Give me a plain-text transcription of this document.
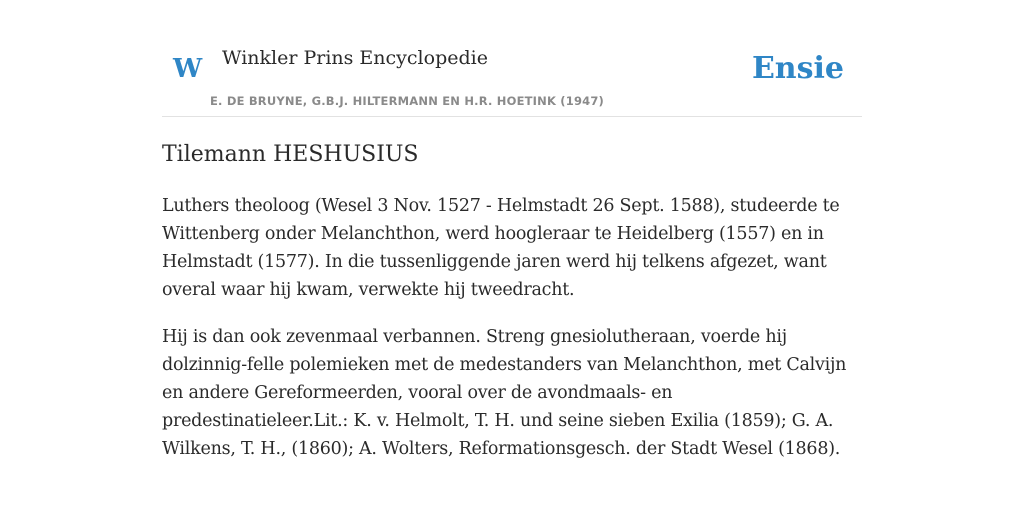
W Winkler Prins Encyclopedie
E. DE BRUYNE, G.B.J. HILTERMANN EN H.R. HOETINK (1947)
Ensie
Tilemann HESHUSIUS

Luthers theoloog (Wesel 3 Nov. 1527 - Helmstadt 26 Sept. 1588), studeerde te Wittenberg onder Melanchthon, werd hoogleraar te Heidelberg (1557) en in Helmstadt (1577). In die tussenliggende jaren werd hij telkens afgezet, want overal waar hij kwam, verwekte hij tweedracht.

Hij is dan ook zevenmaal verbannen. Streng gnesiolutheraan, voerde hij dolzinnig-felle polemieken met de medestanders van Melanchthon, met Calvijn en andere Gereformeerden, vooral over de avondmaals- en predestinatieleer.Lit.: K. v. Helmolt, T. H. und seine sieben Exilia (1859); G. A. Wilkens, T. H., (1860); A. Wolters, Reformationsgesch. der Stadt Wesel (1868).
